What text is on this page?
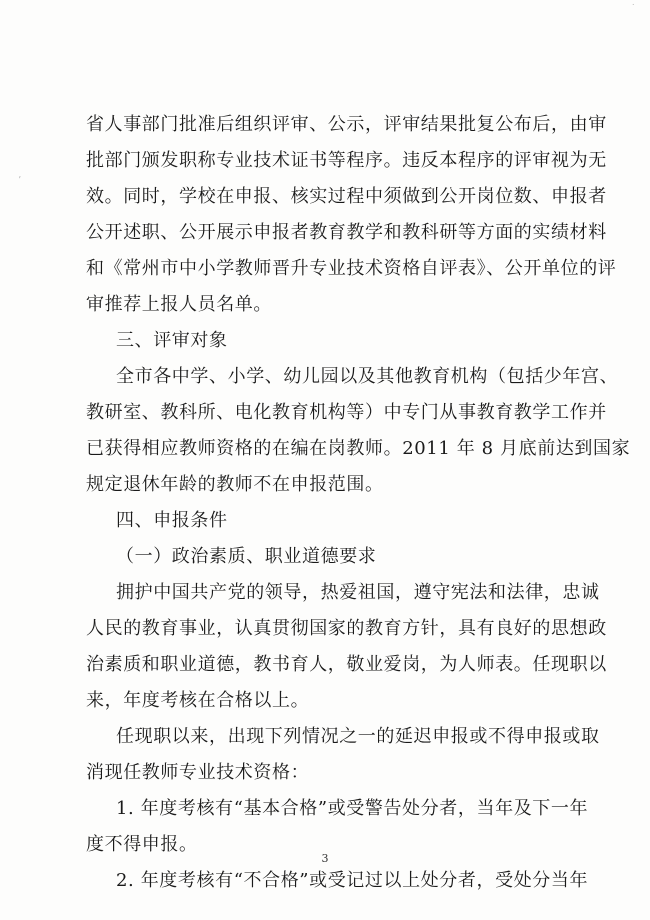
ʼ
˙
省人事部门批准后组织评审、公示，评审结果批复公布后，由审
批部门颁发职称专业技术证书等程序。违反本程序的评审视为无
效。同时，学校在申报、核实过程中须做到公开岗位数、申报者
公开述职、公开展示申报者教育教学和教科研等方面的实绩材料
和《常州市中小学教师晋升专业技术资格自评表》、公开单位的评
审推荐上报人员名单。
三、评审对象
全市各中学、小学、幼儿园以及其他教育机构（包括少年宫、
教研室、教科所、电化教育机构等）中专门从事教育教学工作并
已获得相应教师资格的在编在岗教师。2011 年 8 月底前达到国家
规定退休年龄的教师不在申报范围。
四、申报条件
（一）政治素质、职业道德要求
拥护中国共产党的领导，热爱祖国，遵守宪法和法律，忠诚
人民的教育事业，认真贯彻国家的教育方针，具有良好的思想政
治素质和职业道德，教书育人，敬业爱岗，为人师表。任现职以
来，年度考核在合格以上。
任现职以来，出现下列情况之一的延迟申报或不得申报或取
消现任教师专业技术资格：
1. 年度考核有“基本合格”或受警告处分者，当年及下一年
度不得申报。
2. 年度考核有“不合格”或受记过以上处分者，受处分当年
3
